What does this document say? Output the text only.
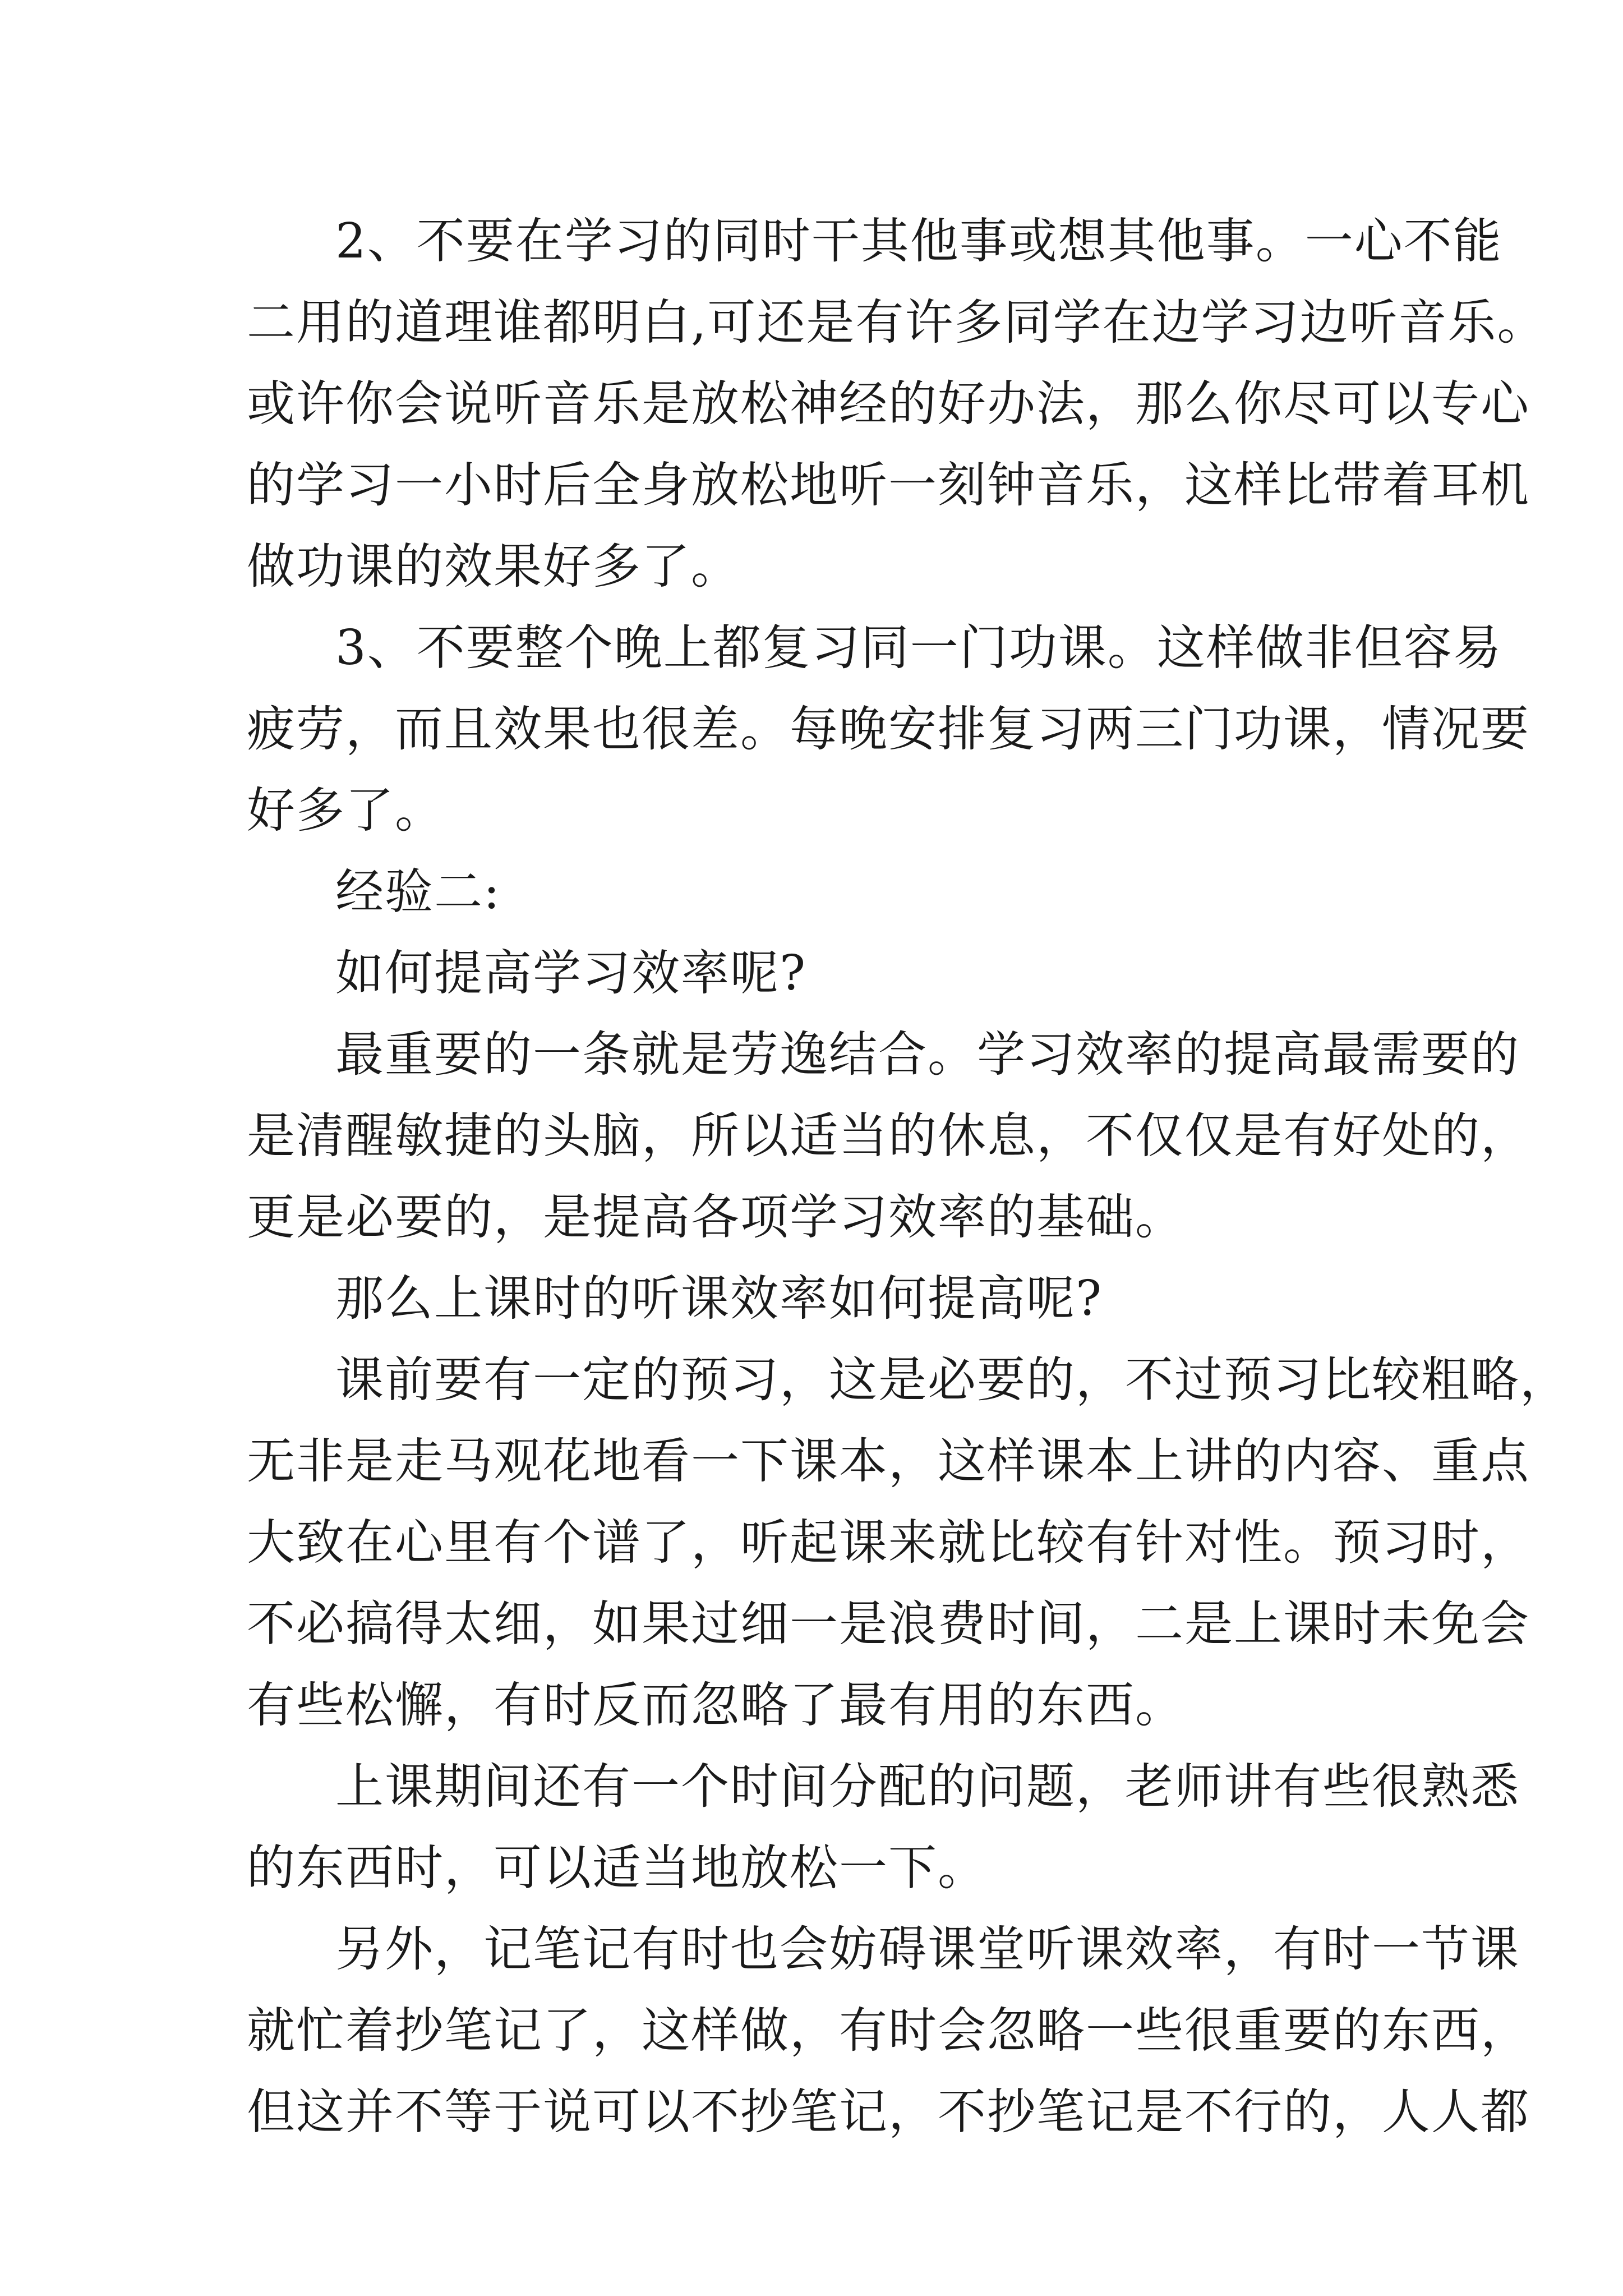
2、不要在学习的同时干其他事或想其他事。一心不能
二用的道理谁都明白,可还是有许多同学在边学习边听音乐。
或许你会说听音乐是放松神经的好办法，那么你尽可以专心
的学习一小时后全身放松地听一刻钟音乐，这样比带着耳机
做功课的效果好多了。
3、不要整个晚上都复习同一门功课。这样做非但容易
疲劳，而且效果也很差。每晚安排复习两三门功课，情况要
好多了。
经验二:
如何提高学习效率呢?
最重要的一条就是劳逸结合。学习效率的提高最需要的
是清醒敏捷的头脑，所以适当的休息，不仅仅是有好处的，
更是必要的，是提高各项学习效率的基础。
那么上课时的听课效率如何提高呢?
课前要有一定的预习，这是必要的，不过预习比较粗略，
无非是走马观花地看一下课本，这样课本上讲的内容、重点
大致在心里有个谱了，听起课来就比较有针对性。预习时，
不必搞得太细，如果过细一是浪费时间，二是上课时未免会
有些松懈，有时反而忽略了最有用的东西。
上课期间还有一个时间分配的问题，老师讲有些很熟悉
的东西时，可以适当地放松一下。
另外，记笔记有时也会妨碍课堂听课效率，有时一节课
就忙着抄笔记了，这样做，有时会忽略一些很重要的东西，
但这并不等于说可以不抄笔记，不抄笔记是不行的，人人都
